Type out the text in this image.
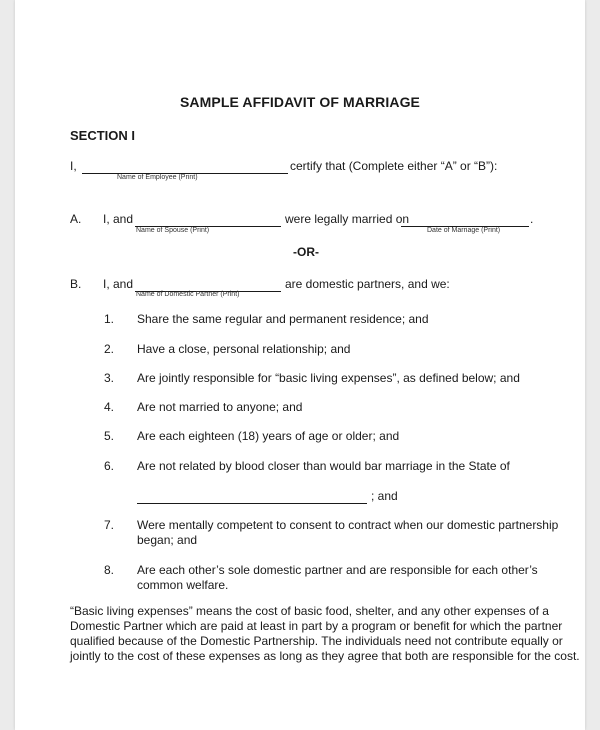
SAMPLE AFFIDAVIT OF MARRIAGE
SECTION I
I,	certify that (Complete either “A” or “B”):
Name of Employee (Print)
A. I, and	were legally married on	.
Name of Spouse (Print)	Date of Marriage (Print)
-OR-
B. I, and	are domestic partners, and we:
Name of Domestic Partner (Print)
1. Share the same regular and permanent residence; and
2. Have a close, personal relationship; and
3. Are jointly responsible for “basic living expenses”, as defined below; and
4. Are not married to anyone; and
5. Are each eighteen (18) years of age or older; and
6. Are not related by blood closer than would bar marriage in the State of
; and
7. Were mentally competent to consent to contract when our domestic partnership
began; and
8. Are each other’s sole domestic partner and are responsible for each other’s
common welfare.
“Basic living expenses” means the cost of basic food, shelter, and any other expenses of a
Domestic Partner which are paid at least in part by a program or benefit for which the partner
qualified because of the Domestic Partnership. The individuals need not contribute equally or
jointly to the cost of these expenses as long as they agree that both are responsible for the cost.
